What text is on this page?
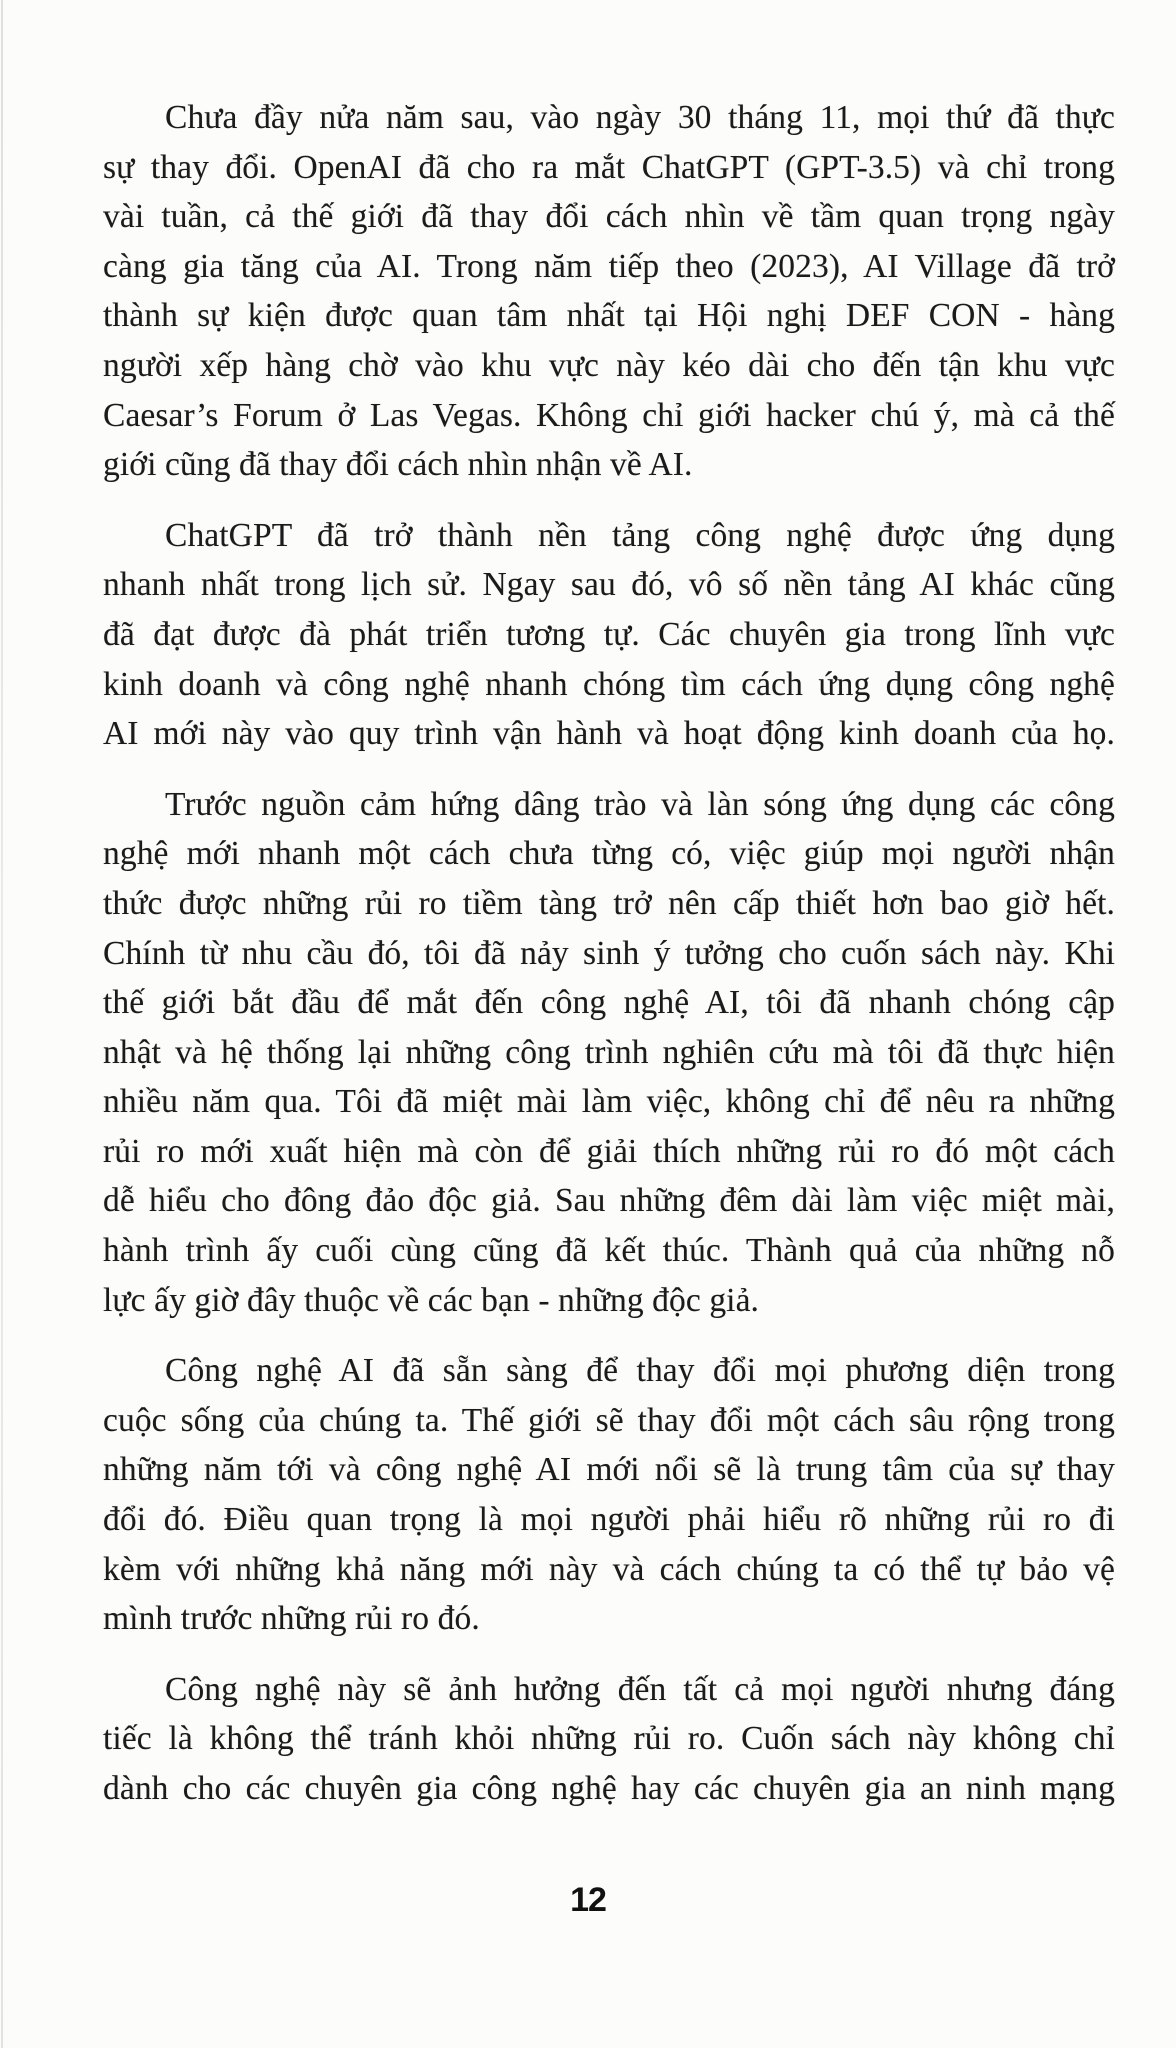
Chưa đầy nửa năm sau, vào ngày 30 tháng 11, mọi thứ đã thực
sự thay đổi. OpenAI đã cho ra mắt ChatGPT (GPT-3.5) và chỉ trong
vài tuần, cả thế giới đã thay đổi cách nhìn về tầm quan trọng ngày
càng gia tăng của AI. Trong năm tiếp theo (2023), AI Village đã trở
thành sự kiện được quan tâm nhất tại Hội nghị DEF CON - hàng
người xếp hàng chờ vào khu vực này kéo dài cho đến tận khu vực
Caesar’s Forum ở Las Vegas. Không chỉ giới hacker chú ý, mà cả thế
giới cũng đã thay đổi cách nhìn nhận về AI.

ChatGPT đã trở thành nền tảng công nghệ được ứng dụng
nhanh nhất trong lịch sử. Ngay sau đó, vô số nền tảng AI khác cũng
đã đạt được đà phát triển tương tự. Các chuyên gia trong lĩnh vực
kinh doanh và công nghệ nhanh chóng tìm cách ứng dụng công nghệ
AI mới này vào quy trình vận hành và hoạt động kinh doanh của họ.

Trước nguồn cảm hứng dâng trào và làn sóng ứng dụng các công
nghệ mới nhanh một cách chưa từng có, việc giúp mọi người nhận
thức được những rủi ro tiềm tàng trở nên cấp thiết hơn bao giờ hết.
Chính từ nhu cầu đó, tôi đã nảy sinh ý tưởng cho cuốn sách này. Khi
thế giới bắt đầu để mắt đến công nghệ AI, tôi đã nhanh chóng cập
nhật và hệ thống lại những công trình nghiên cứu mà tôi đã thực hiện
nhiều năm qua. Tôi đã miệt mài làm việc, không chỉ để nêu ra những
rủi ro mới xuất hiện mà còn để giải thích những rủi ro đó một cách
dễ hiểu cho đông đảo độc giả. Sau những đêm dài làm việc miệt mài,
hành trình ấy cuối cùng cũng đã kết thúc. Thành quả của những nỗ
lực ấy giờ đây thuộc về các bạn - những độc giả.

Công nghệ AI đã sẵn sàng để thay đổi mọi phương diện trong
cuộc sống của chúng ta. Thế giới sẽ thay đổi một cách sâu rộng trong
những năm tới và công nghệ AI mới nổi sẽ là trung tâm của sự thay
đổi đó. Điều quan trọng là mọi người phải hiểu rõ những rủi ro đi
kèm với những khả năng mới này và cách chúng ta có thể tự bảo vệ
mình trước những rủi ro đó.

Công nghệ này sẽ ảnh hưởng đến tất cả mọi người nhưng đáng
tiếc là không thể tránh khỏi những rủi ro. Cuốn sách này không chỉ
dành cho các chuyên gia công nghệ hay các chuyên gia an ninh mạng

12
